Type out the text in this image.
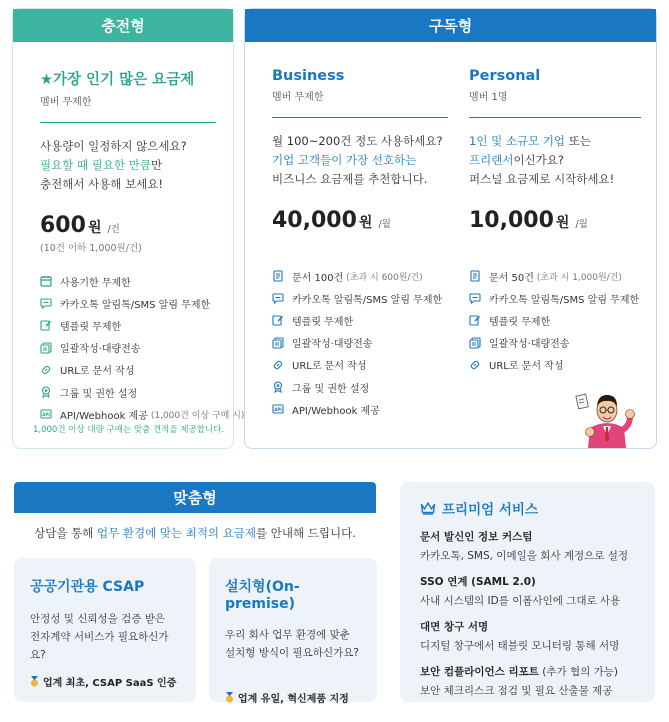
충전형
★가장 인기 많은 요금제
멤버 무제한
사용량이 일정하지 않으세요?
필요할 때 필요한 만큼만
충전해서 사용해 보세요!
600 원 /건
(10건 이하 1,000원/건)
사용기한 무제한
카카오톡 알림톡/SMS 알림 무제한
템플릿 무제한
일괄작성·대량전송
URL로 문서 작성
그룹 및 권한 설정
API API/Webhook 제공 (1,000건 이상 구매 시)
1,000건 이상 대량 구매는 맞춤 견적을 제공합니다.
구독형
Business
멤버 무제한
월 100~200건 정도 사용하세요?
기업 고객들이 가장 선호하는
비즈니스 요금제를 추천합니다.
40,000 원 /월
문서 100건 (초과 시 600원/건)
카카오톡 알림톡/SMS 알림 무제한
템플릿 무제한
일괄작성·대량전송
URL로 문서 작성
그룹 및 권한 설정
API API/Webhook 제공
Personal
멤버 1명
1인 및 소규모 기업 또는
프리랜서이신가요?
퍼스널 요금제로 시작하세요!
10,000 원 /월
문서 50건 (초과 시 1,000원/건)
카카오톡 알림톡/SMS 알림 무제한
템플릿 무제한
일괄작성·대량전송
URL로 문서 작성
맞춤형
상담을 통해 업무 환경에 맞는 최적의 요금제를 안내해 드립니다.
공공기관용 CSAP
안정성 및 신뢰성을 검증 받은
전자계약 서비스가 필요하신가요?
업계 최초, CSAP SaaS 인증
설치형(On-premise)
우리 회사 업무 환경에 맞춘
설치형 방식이 필요하신가요?
업계 유일, 혁신제품 지정
프리미엄 서비스
문서 발신인 정보 커스텀
카카오톡, SMS, 이메일을 회사 계정으로 설정
SSO 연계 (SAML 2.0)
사내 시스템의 ID를 이폼사인에 그대로 사용
대면 창구 서명
디지털 창구에서 태블릿 모니터링 통해 서명
보안 컴플라이언스 리포트 (추가 협의 가능)
보안 체크리스크 점검 및 필요 산출물 제공
